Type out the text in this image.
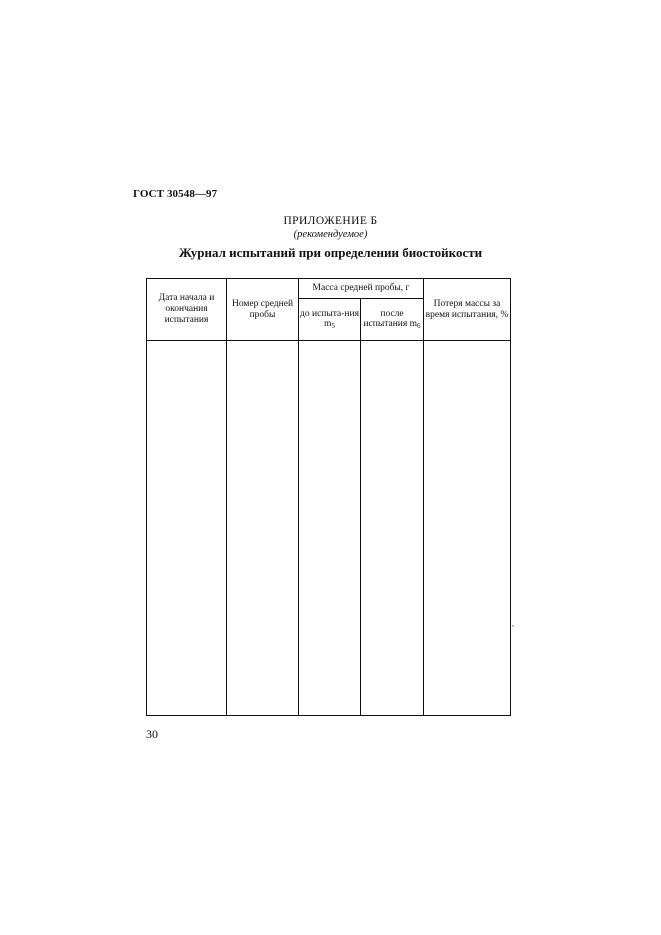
ГОСТ 30548—97
ПРИЛОЖЕНИЕ Б
(рекомендуемое)
Журнал испытаний при определении биостойкости
Дата начала и окончания испытания	Номер средней пробы	Масса средней пробы, г		Потеря массы за время испытания, %
		до испыта-ния $m_5$	после испытания $m_6$

30
